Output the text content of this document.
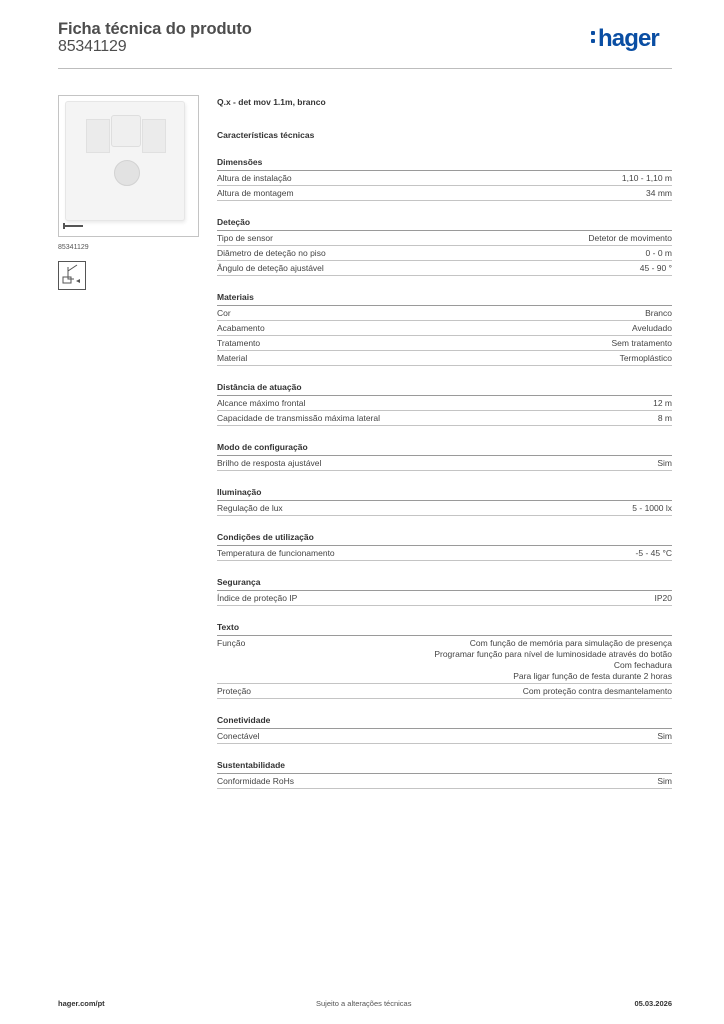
Ficha técnica do produto
85341129	hager
85341129
Q.x - det mov 1.1m, branco
Características técnicas
Dimensões
Altura de instalação	1,10 - 1,10 m
Altura de montagem	34 mm
Deteção
Tipo de sensor	Detetor de movimento
Diâmetro de deteção no piso	0 - 0 m
Ângulo de deteção ajustável	45 - 90 °
Materiais
Cor	Branco
Acabamento	Aveludado
Tratamento	Sem tratamento
Material	Termoplástico
Distância de atuação
Alcance máximo frontal	12 m
Capacidade de transmissão máxima lateral	8 m
Modo de configuração
Brilho de resposta ajustável	Sim
Iluminação
Regulação de lux	5 - 1000 lx
Condições de utilização
Temperatura de funcionamento	-5 - 45 °C
Segurança
Índice de proteção IP	IP20
Texto
Função	Com função de memória para simulação de presença
Programar função para nível de luminosidade através do botão
Com fechadura
Para ligar função de festa durante 2 horas
Proteção	Com proteção contra desmantelamento
Conetividade
Conectável	Sim
Sustentabilidade
Conformidade RoHs	Sim
hager.com/pt	Sujeito a alterações técnicas	05.03.2026
